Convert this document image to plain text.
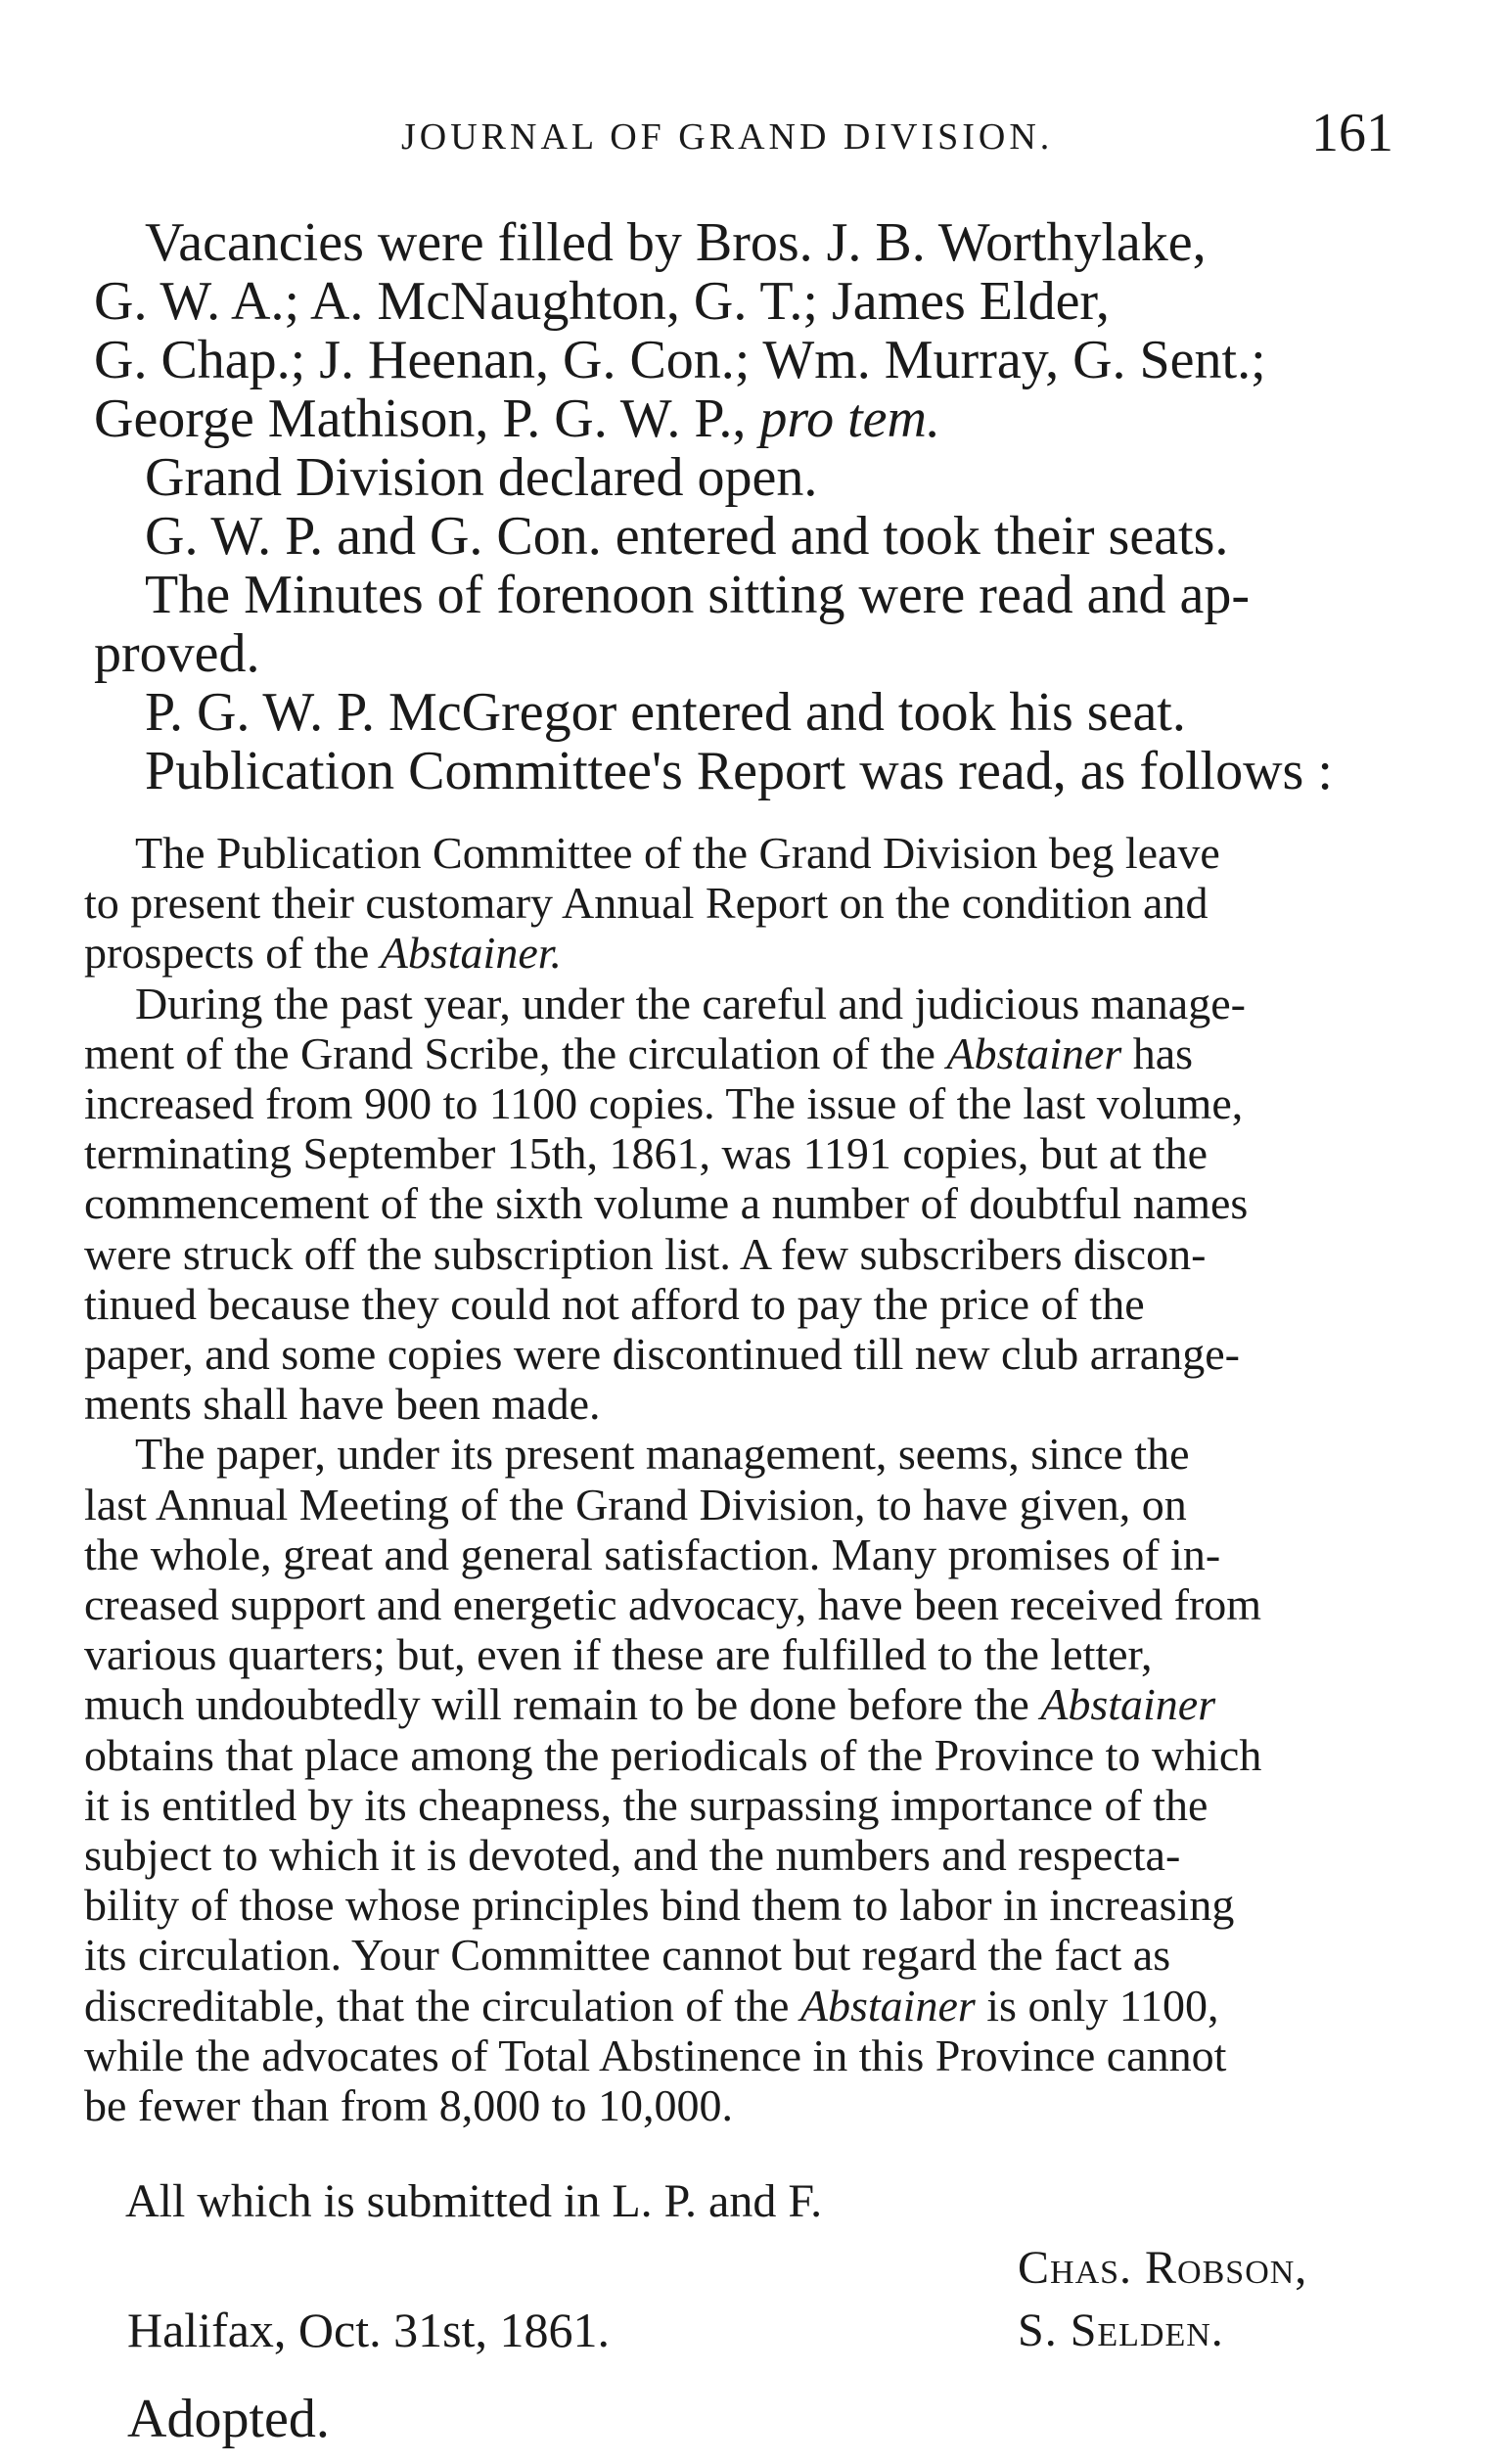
JOURNAL OF GRAND DIVISION.	161

Vacancies were filled by Bros. J. B. Worthylake,

G. W. A.; A. McNaughton, G. T.; James Elder,

G. Chap.; J. Heenan, G. Con.; Wm. Murray, G. Sent.;

George Mathison, P. G. W. P., pro tem.

Grand Division declared open.

G. W. P. and G. Con. entered and took their seats.

The Minutes of forenoon sitting were read and ap-

proved.

P. G. W. P. McGregor entered and took his seat.

Publication Committee's Report was read, as follows :

The Publication Committee of the Grand Division beg leave

to present their customary Annual Report on the condition and

prospects of the Abstainer.

During the past year, under the careful and judicious manage-

ment of the Grand Scribe, the circulation of the Abstainer has

increased from 900 to 1100 copies. The issue of the last volume,

terminating September 15th, 1861, was 1191 copies, but at the

commencement of the sixth volume a number of doubtful names

were struck off the subscription list. A few subscribers discon-

tinued because they could not afford to pay the price of the

paper, and some copies were discontinued till new club arrange-

ments shall have been made.

The paper, under its present management, seems, since the

last Annual Meeting of the Grand Division, to have given, on

the whole, great and general satisfaction. Many promises of in-

creased support and energetic advocacy, have been received from

various quarters; but, even if these are fulfilled to the letter,

much undoubtedly will remain to be done before the Abstainer

obtains that place among the periodicals of the Province to which

it is entitled by its cheapness, the surpassing importance of the

subject to which it is devoted, and the numbers and respecta-

bility of those whose principles bind them to labor in increasing

its circulation. Your Committee cannot but regard the fact as

discreditable, that the circulation of the Abstainer is only 1100,

while the advocates of Total Abstinence in this Province cannot

be fewer than from 8,000 to 10,000.

All which is submitted in L. P. and F.
Chas. Robson,
Halifax, Oct. 31st, 1861.	S. Selden.
Adopted.
